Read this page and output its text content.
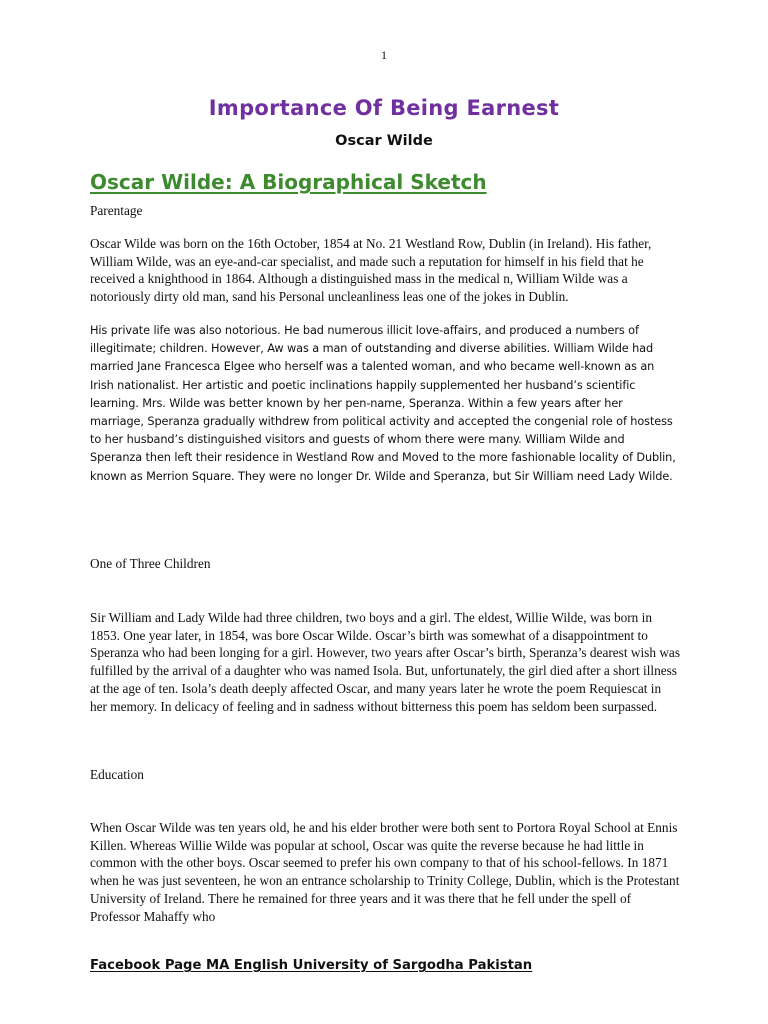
1
Importance Of Being Earnest
Oscar Wilde
Oscar Wilde: A Biographical Sketch
Parentage

Oscar Wilde was born on the 16th October, 1854 at No. 21 Westland Row, Dublin (in Ireland). His father, William Wilde, was an eye-and-car specialist, and made such a reputation for himself in his field that he received a knighthood in 1864. Although a distinguished mass in the medical n, William Wilde was a notoriously dirty old man, sand his Personal uncleanliness leas one of the jokes in Dublin.

His private life was also notorious. He bad numerous illicit love-affairs, and produced a numbers of illegitimate; children. However, Aw was a man of outstanding and diverse abilities. William Wilde had married Jane Francesca Elgee who herself was a talented woman, and who became well-known as an Irish nationalist. Her artistic and poetic inclinations happily supplemented her husband’s scientific learning. Mrs. Wilde was better known by her pen-name, Speranza. Within a few years after her marriage, Speranza gradually withdrew from political activity and accepted the congenial role of hostess to her husband’s distinguished visitors and guests of whom there were many. William Wilde and Speranza then left their residence in Westland Row and Moved to the more fashionable locality of Dublin, known as Merrion Square. They were no longer Dr. Wilde and Speranza, but Sir William need Lady Wilde.

One of Three Children

Sir William and Lady Wilde had three children, two boys and a girl. The eldest, Willie Wilde, was born in 1853. One year later, in 1854, was bore Oscar Wilde. Oscar’s birth was somewhat of a disappointment to Speranza who had been longing for a girl. However, two years after Oscar’s birth, Speranza’s dearest wish was fulfilled by the arrival of a daughter who was named Isola. But, unfortunately, the girl died after a short illness at the age of ten. Isola’s death deeply affected Oscar, and many years later he wrote the poem Requiescat in her memory. In delicacy of feeling and in sadness without bitterness this poem has seldom been surpassed.

Education

When Oscar Wilde was ten years old, he and his elder brother were both sent to Portora Royal School at Ennis Killen. Whereas Willie Wilde was popular at school, Oscar was quite the reverse because he had little in common with the other boys. Oscar seemed to prefer his own company to that of his school-fellows. In 1871 when he was just seventeen, he won an entrance scholarship to Trinity College, Dublin, which is the Protestant University of Ireland. There he remained for three years and it was there that he fell under the spell of Professor Mahaffy who

Facebook Page MA English University of Sargodha Pakistan
